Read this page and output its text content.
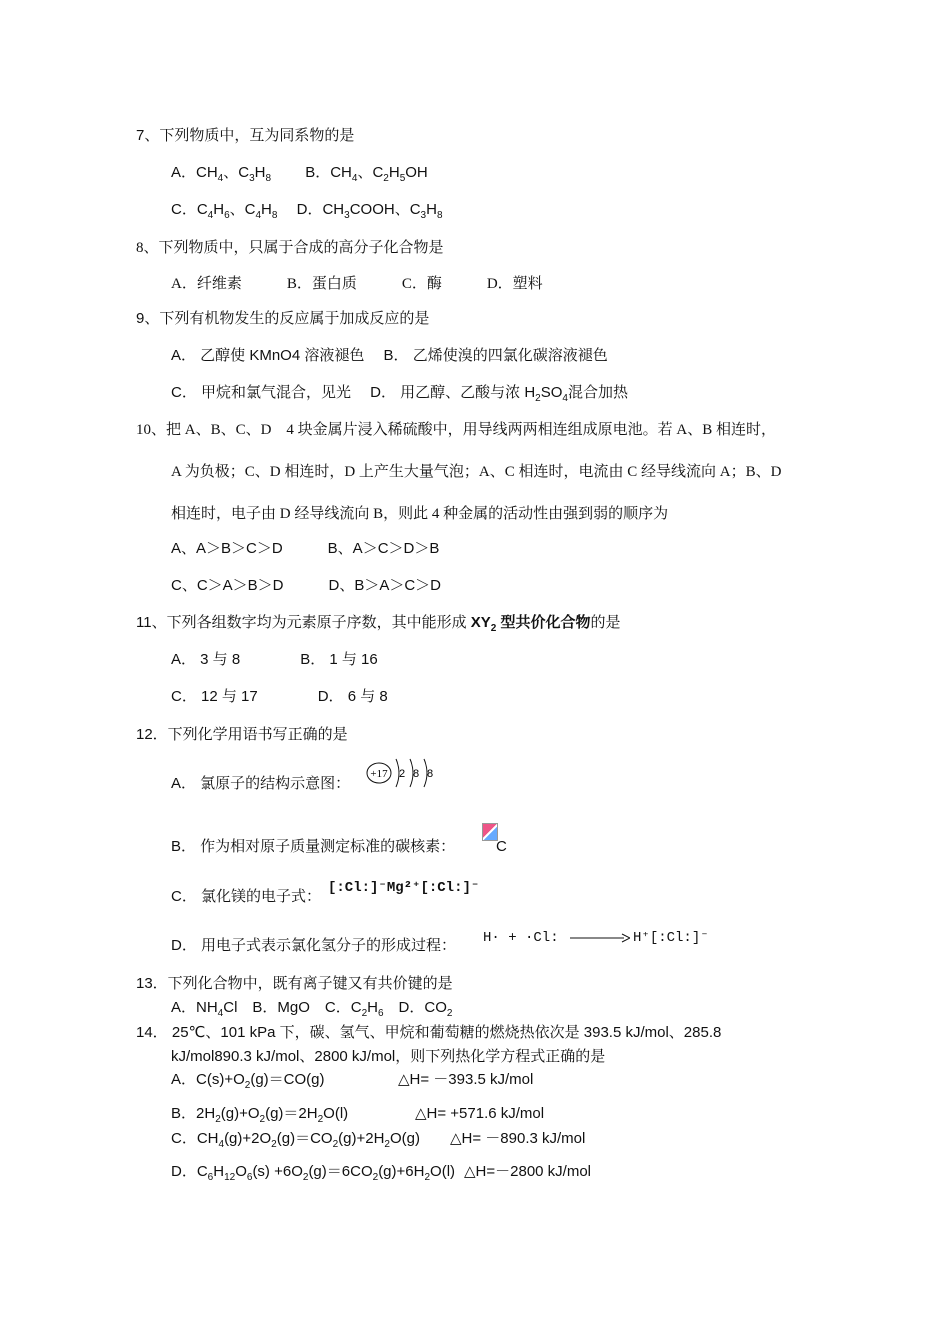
7、下列物质中，互为同系物的是
A．$CH_4$、$C_3H_8$　 　 B．$CH_4$、$C_2H_5OH$
C．$C_4H_6$、$C_4H_8$　 D．$CH_3COOH$、$C_3H_8$
8、下列物质中，只属于合成的高分子化合物是
A．纤维素　　　B．蛋白质　　　C．酶　　　D．塑料
9、下列有机物发生的反应属于加成反应的是
A． 乙醇使 KMnO4 溶液褪色　 B． 乙烯使溴的四氯化碳溶液褪色
C． 甲烷和氯气混合，见光　 D． 用乙醇、乙酸与浓 $H_2SO_4$混合加热
10、把 A、B、C、D　4 块金属片浸入稀硫酸中，用导线两两相连组成原电池。若 A、B 相连时，
A 为负极；C、D 相连时，D 上产生大量气泡；A、C 相连时，电流由 C 经导线流向 A；B、D
相连时，电子由 D 经导线流向 B，则此 4 种金属的活动性由强到弱的顺序为
A、A＞B＞C＞D　　　B、A＞C＞D＞B
C、C＞A＞B＞D　　　D、B＞A＞C＞D
11、下列各组数字均为元素原子序数，其中能形成 $XY_2$ 型共价化合物的是
A． 3 与 8　　　　B． 1 与 16
C． 12 与 17　　　　D． 6 与 8
12．下列化学用语书写正确的是
A． 氯原子的结构示意图：
+17 2 8 8
B． 作为相对原子质量测定标准的碳核素：	C
C． 氯化镁的电子式： [:Cl:]⁻Mg²⁺[:Cl:]⁻
D． 用电子式表示氯化氢分子的形成过程： H· + ·Cl: → H⁺[:Cl:]⁻
13．下列化合物中，既有离子键又有共价键的是
A．$NH_4Cl$　B．MgO　C．$C_2H_6$　D．$CO_2$
14． 25℃、101 kPa 下，碳、氢气、甲烷和葡萄糖的燃烧热依次是 393.5 kJ/mol、285.8
kJ/mol890.3 kJ/mol、2800 kJ/mol，则下列热化学方程式正确的是
A．$C(s)+O_2(g)=CO(g)$	△H= －393.5 kJ/mol
B．$2H_2(g)+O_2(g)=2H_2O(l)$	△H= +571.6 kJ/mol
C．$CH_4(g)+2O_2(g)=CO_2(g)+2H_2O(g)$ △H= －890.3 kJ/mol
D．$C_6H_{12}O_6(s) +6O_2(g)=6CO_2(g)+6H_2O(l)$ △H=－2800 kJ/mol
